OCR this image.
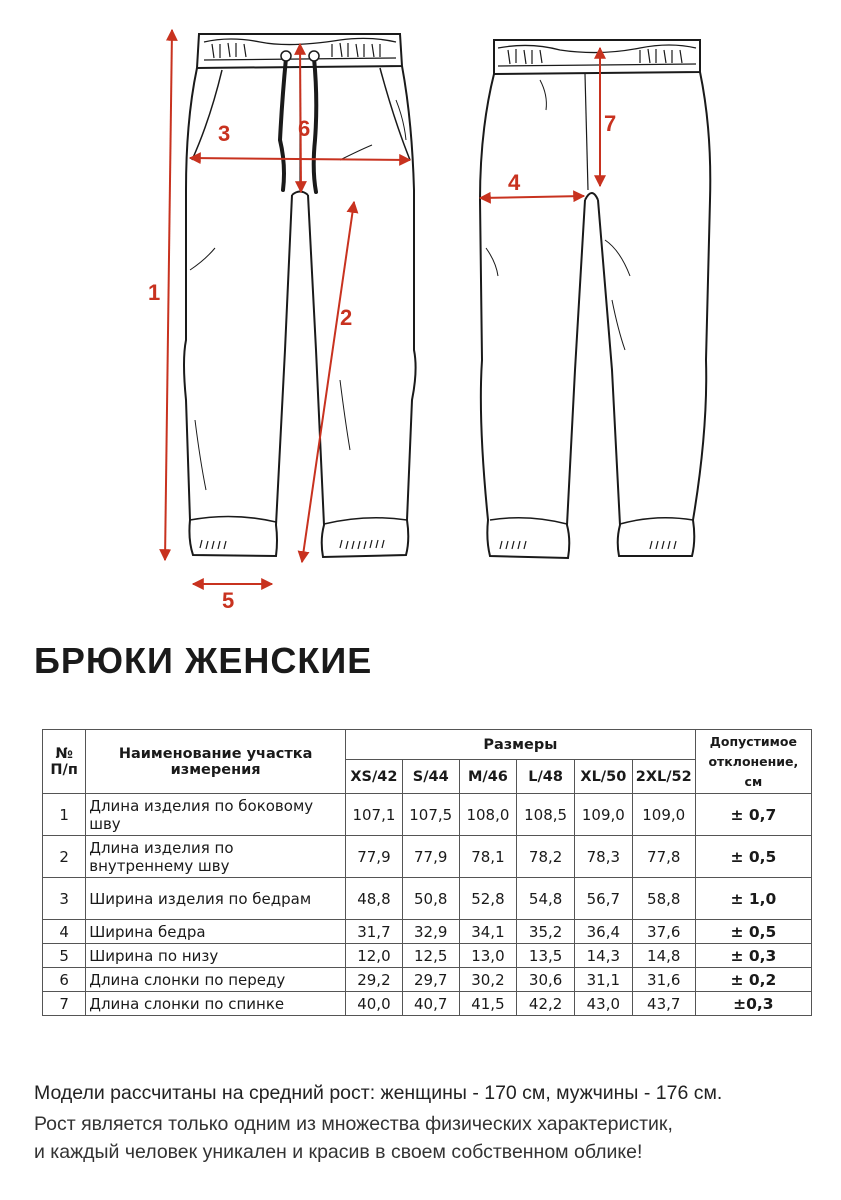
1
2
3	6
5
4
7
БРЮКИ ЖЕНСКИЕ
№
П/п	Наименование участка
измерения	Размеры						Допустимое
отклонение, см
		XS/42	S/44	M/46	L/48	XL/50	2XL/52	
1	Длина изделия по боковому шву	107,1	107,5	108,0	108,5	109,0	109,0	± 0,7
2	Длина изделия по внутреннему шву	77,9	77,9	78,1	78,2	78,3	77,8	± 0,5
3	Ширина изделия по бедрам	48,8	50,8	52,8	54,8	56,7	58,8	± 1,0
4	Ширина бедра	31,7	32,9	34,1	35,2	36,4	37,6	± 0,5
5	Ширина по низу	12,0	12,5	13,0	13,5	14,3	14,8	± 0,3
6	Длина слонки по переду	29,2	29,7	30,2	30,6	31,1	31,6	± 0,2
7	Длина слонки по спинке	40,0	40,7	41,5	42,2	43,0	43,7	±0,3

Модели рассчитаны на средний рост: женщины - 170 см, мужчины - 176 см.

Рост является только одним из множества физических характеристик,

и каждый человек уникален и красив в своем собственном облике!
